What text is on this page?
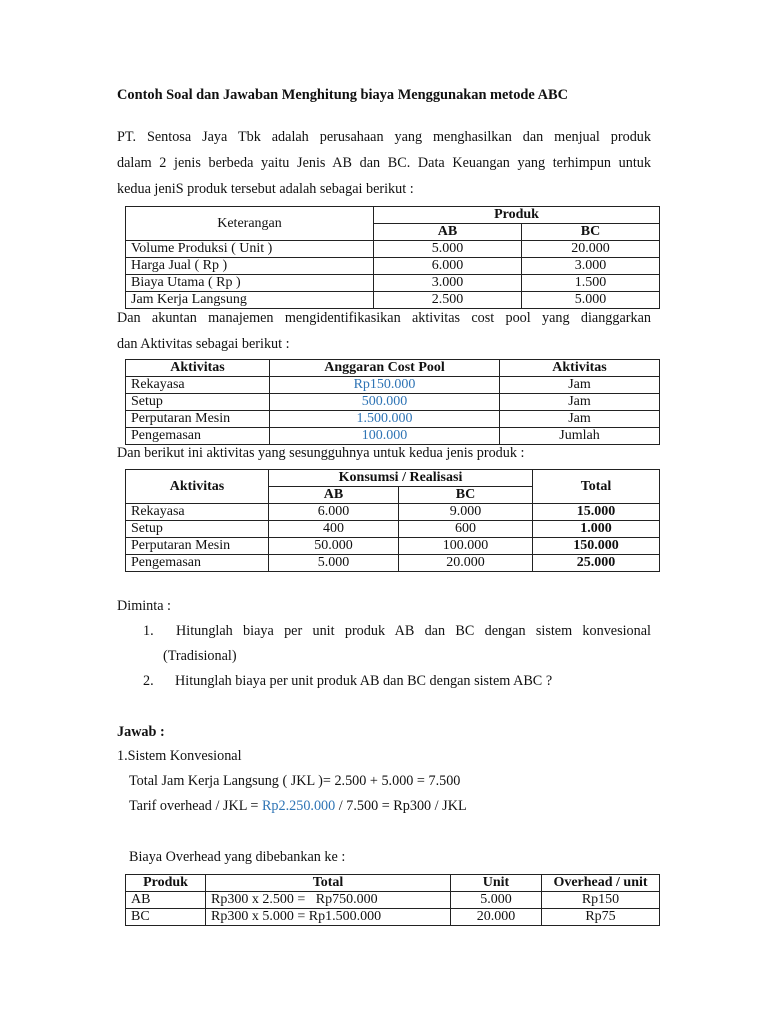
Contoh Soal dan Jawaban Menghitung biaya Menggunakan metode ABC
PT. Sentosa Jaya Tbk adalah perusahaan yang menghasilkan dan menjual produk
dalam 2 jenis berbeda yaitu Jenis AB dan BC. Data Keuangan yang terhimpun untuk
kedua jeniS produk tersebut adalah sebagai berikut :
Keterangan	Produk	
	AB	BC
Volume Produksi ( Unit )	5.000	20.000
Harga Jual ( Rp )	6.000	3.000
Biaya Utama ( Rp )	3.000	1.500
Jam Kerja Langsung	2.500	5.000
Dan akuntan manajemen mengidentifikasikan aktivitas cost pool yang dianggarkan
dan Aktivitas sebagai berikut :
Aktivitas	Anggaran Cost Pool	Aktivitas
Rekayasa	Rp150.000	Jam
Setup	500.000	Jam
Perputaran Mesin	1.500.000	Jam
Pengemasan	100.000	Jumlah
Dan berikut ini aktivitas yang sesungguhnya untuk kedua jenis produk :
Aktivitas	Konsumsi / Realisasi		Total
	AB	BC	
Rekayasa	6.000	9.000	15.000
Setup	400	600	1.000
Perputaran Mesin	50.000	100.000	150.000
Pengemasan	5.000	20.000	25.000
Diminta :
1.	Hitunglah biaya per unit produk AB dan BC dengan sistem konvesional
(Tradisional)
2. Hitunglah biaya per unit produk AB dan BC dengan sistem ABC ?
Jawab :
1.Sistem Konvesional
Total Jam Kerja Langsung ( JKL )= 2.500 + 5.000 = 7.500
Tarif overhead / JKL = Rp2.250.000 / 7.500 = Rp300 / JKL
Biaya Overhead yang dibebankan ke :
Produk	Total	Unit	Overhead / unit
AB	Rp300 x 2.500 =   Rp750.000	5.000	Rp150
BC	Rp300 x 5.000 = Rp1.500.000	20.000	Rp75
